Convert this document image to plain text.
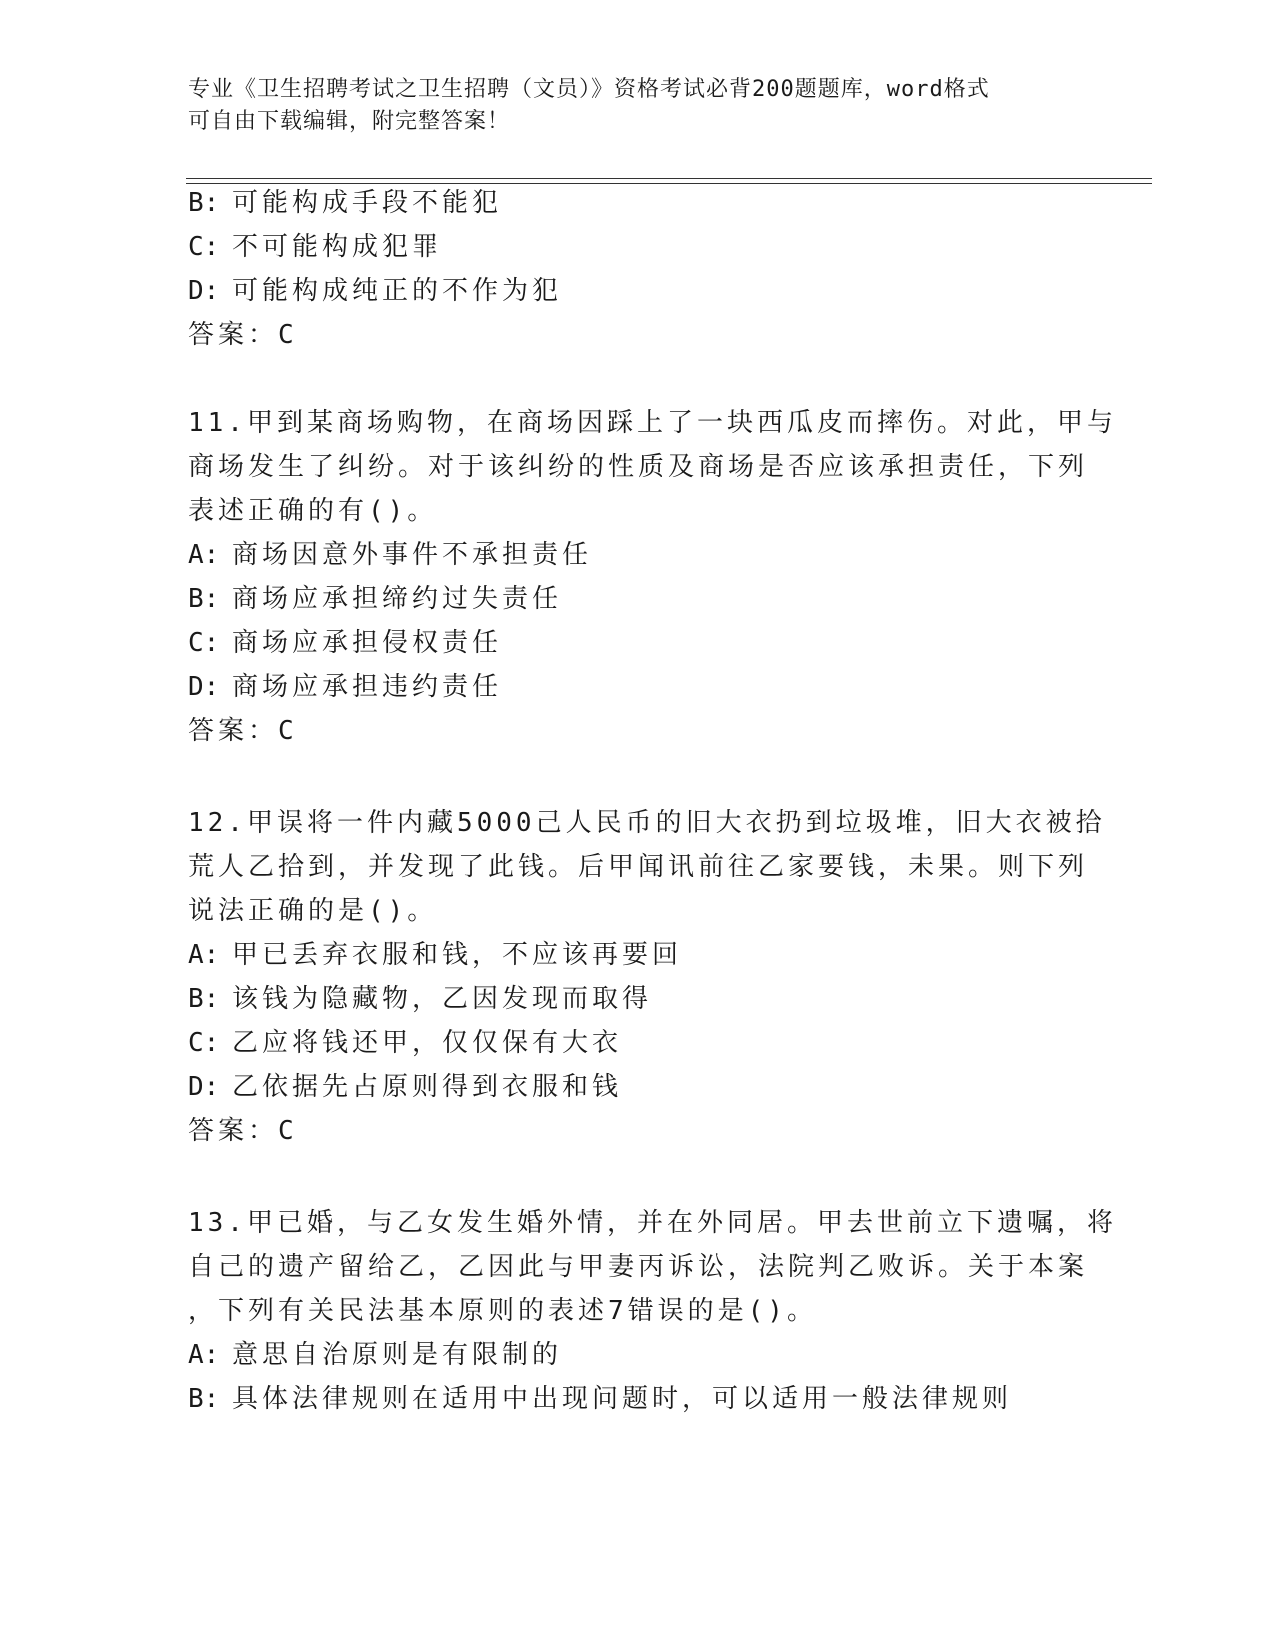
专业《卫生招聘考试之卫生招聘（文员）》资格考试必背200题题库，word格式
可自由下载编辑，附完整答案！
B: 可能构成手段不能犯
C: 不可能构成犯罪
D: 可能构成纯正的不作为犯
答案：C
11.甲到某商场购物，在商场因踩上了一块西瓜皮而摔伤。对此，甲与
商场发生了纠纷。对于该纠纷的性质及商场是否应该承担责任，下列
表述正确的有()。
A: 商场因意外事件不承担责任
B: 商场应承担缔约过失责任
C: 商场应承担侵权责任
D: 商场应承担违约责任
答案：C
12.甲误将一件内藏5000己人民币的旧大衣扔到垃圾堆，旧大衣被拾
荒人乙拾到，并发现了此钱。后甲闻讯前往乙家要钱，未果。则下列
说法正确的是()。
A: 甲已丢弃衣服和钱，不应该再要回
B: 该钱为隐藏物，乙因发现而取得
C: 乙应将钱还甲，仅仅保有大衣
D: 乙依据先占原则得到衣服和钱
答案：C
13.甲已婚，与乙女发生婚外情，并在外同居。甲去世前立下遗嘱，将
自己的遗产留给乙，乙因此与甲妻丙诉讼，法院判乙败诉。关于本案
，下列有关民法基本原则的表述7错误的是()。
A: 意思自治原则是有限制的
B: 具体法律规则在适用中出现问题时，可以适用一般法律规则
